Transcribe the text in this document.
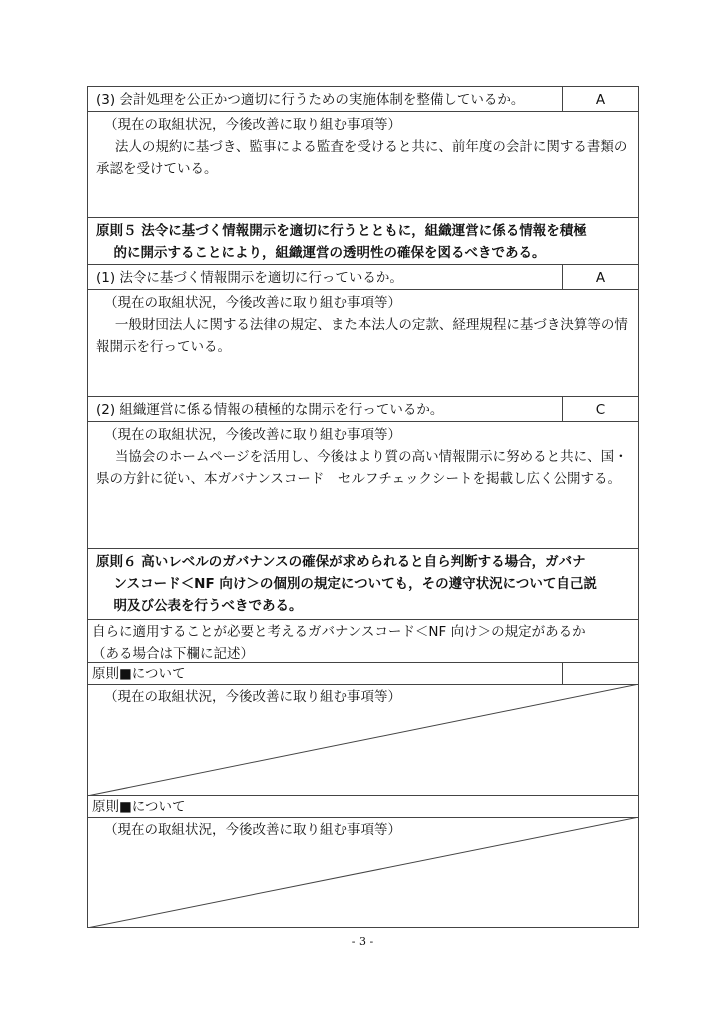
(3) 会計処理を公正かつ適切に行うための実施体制を整備しているか。	A
（現在の取組状況，今後改善に取り組む事項等）
法人の規約に基づき、監事による監査を受けると共に、前年度の会計に関する書類の承認を受けている。
原則５ 法令に基づく情報開示を適切に行うとともに，組織運営に係る情報を積極
的に開示することにより，組織運営の透明性の確保を図るべきである。
(1) 法令に基づく情報開示を適切に行っているか。	A
（現在の取組状況，今後改善に取り組む事項等）
一般財団法人に関する法律の規定、また本法人の定款、経理規程に基づき決算等の情報開示を行っている。
(2) 組織運営に係る情報の積極的な開示を行っているか。	C
（現在の取組状況，今後改善に取り組む事項等）
当協会のホームページを活用し、今後はより質の高い情報開示に努めると共に、国・県の方針に従い、本ガバナンスコード　セルフチェックシートを掲載し広く公開する。
原則６ 高いレベルのガバナンスの確保が求められると自ら判断する場合，ガバナ
ンスコード＜NF 向け＞の個別の規定についても，その遵守状況について自己説
明及び公表を行うべきである。
自らに適用することが必要と考えるガバナンスコード＜NF 向け＞の規定があるか
（ある場合は下欄に記述）
原則■について
（現在の取組状況，今後改善に取り組む事項等）
原則■について
（現在の取組状況，今後改善に取り組む事項等）
- 3 -
